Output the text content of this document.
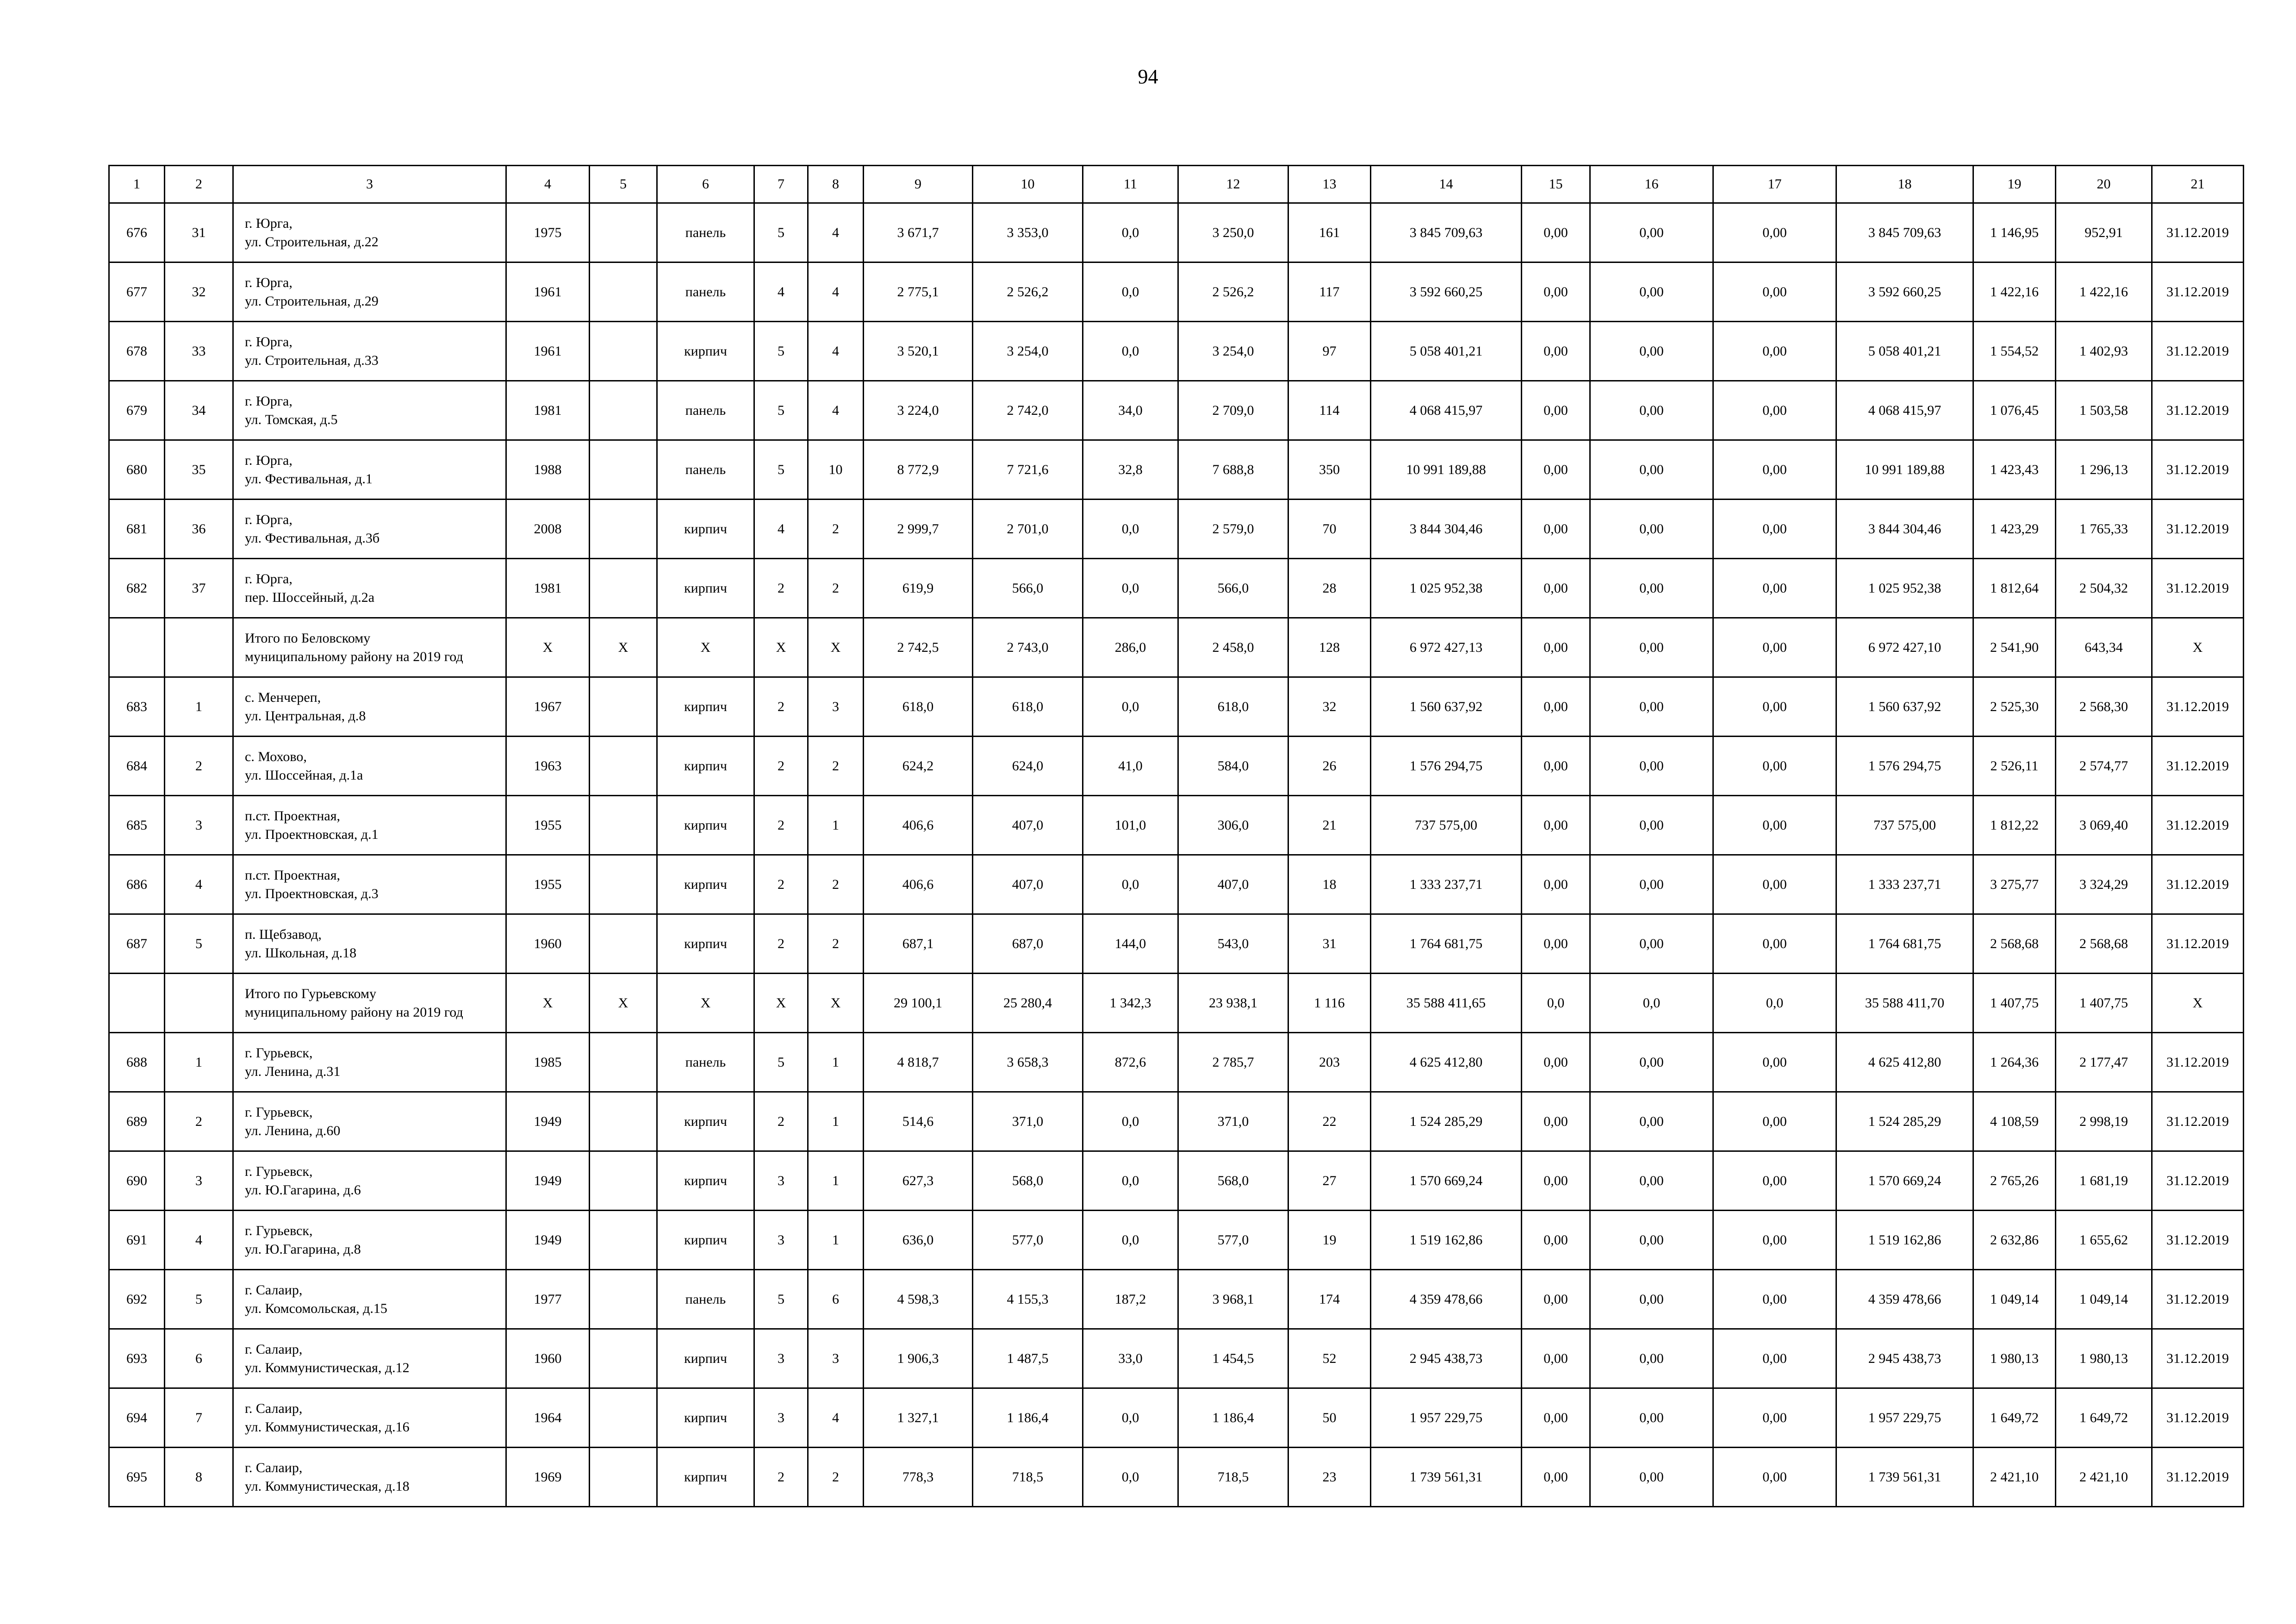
94
1	2	3	4	5	6	7	8	9	10	11	12	13	14	15	16	17	18	19	20	21
676	31	г. Юрга,
ул. Строительная, д.22	1975		панель	5	4	3 671,7	3 353,0	0,0	3 250,0	161	3 845 709,63	0,00	0,00	0,00	3 845 709,63	1 146,95	952,91	31.12.2019
677	32	г. Юрга,
ул. Строительная, д.29	1961		панель	4	4	2 775,1	2 526,2	0,0	2 526,2	117	3 592 660,25	0,00	0,00	0,00	3 592 660,25	1 422,16	1 422,16	31.12.2019
678	33	г. Юрга,
ул. Строительная, д.33	1961		кирпич	5	4	3 520,1	3 254,0	0,0	3 254,0	97	5 058 401,21	0,00	0,00	0,00	5 058 401,21	1 554,52	1 402,93	31.12.2019
679	34	г. Юрга,
ул. Томская, д.5	1981		панель	5	4	3 224,0	2 742,0	34,0	2 709,0	114	4 068 415,97	0,00	0,00	0,00	4 068 415,97	1 076,45	1 503,58	31.12.2019
680	35	г. Юрга,
ул. Фестивальная, д.1	1988		панель	5	10	8 772,9	7 721,6	32,8	7 688,8	350	10 991 189,88	0,00	0,00	0,00	10 991 189,88	1 423,43	1 296,13	31.12.2019
681	36	г. Юрга,
ул. Фестивальная, д.3б	2008		кирпич	4	2	2 999,7	2 701,0	0,0	2 579,0	70	3 844 304,46	0,00	0,00	0,00	3 844 304,46	1 423,29	1 765,33	31.12.2019
682	37	г. Юрга,
пер. Шоссейный, д.2а	1981		кирпич	2	2	619,9	566,0	0,0	566,0	28	1 025 952,38	0,00	0,00	0,00	1 025 952,38	1 812,64	2 504,32	31.12.2019
		Итого по Беловскому
муниципальному району на 2019 год	X	X	X	X	X	2 742,5	2 743,0	286,0	2 458,0	128	6 972 427,13	0,00	0,00	0,00	6 972 427,10	2 541,90	643,34	X
683	1	с. Менчереп,
ул. Центральная, д.8	1967		кирпич	2	3	618,0	618,0	0,0	618,0	32	1 560 637,92	0,00	0,00	0,00	1 560 637,92	2 525,30	2 568,30	31.12.2019
684	2	с. Мохово,
ул. Шоссейная, д.1а	1963		кирпич	2	2	624,2	624,0	41,0	584,0	26	1 576 294,75	0,00	0,00	0,00	1 576 294,75	2 526,11	2 574,77	31.12.2019
685	3	п.ст. Проектная,
ул. Проектновская, д.1	1955		кирпич	2	1	406,6	407,0	101,0	306,0	21	737 575,00	0,00	0,00	0,00	737 575,00	1 812,22	3 069,40	31.12.2019
686	4	п.ст. Проектная,
ул. Проектновская, д.3	1955		кирпич	2	2	406,6	407,0	0,0	407,0	18	1 333 237,71	0,00	0,00	0,00	1 333 237,71	3 275,77	3 324,29	31.12.2019
687	5	п. Щебзавод,
ул. Школьная, д.18	1960		кирпич	2	2	687,1	687,0	144,0	543,0	31	1 764 681,75	0,00	0,00	0,00	1 764 681,75	2 568,68	2 568,68	31.12.2019
		Итого по Гурьевскому
муниципальному району на 2019 год	X	X	X	X	X	29 100,1	25 280,4	1 342,3	23 938,1	1 116	35 588 411,65	0,0	0,0	0,0	35 588 411,70	1 407,75	1 407,75	X
688	1	г. Гурьевск,
ул. Ленина, д.31	1985		панель	5	1	4 818,7	3 658,3	872,6	2 785,7	203	4 625 412,80	0,00	0,00	0,00	4 625 412,80	1 264,36	2 177,47	31.12.2019
689	2	г. Гурьевск,
ул. Ленина, д.60	1949		кирпич	2	1	514,6	371,0	0,0	371,0	22	1 524 285,29	0,00	0,00	0,00	1 524 285,29	4 108,59	2 998,19	31.12.2019
690	3	г. Гурьевск,
ул. Ю.Гагарина, д.6	1949		кирпич	3	1	627,3	568,0	0,0	568,0	27	1 570 669,24	0,00	0,00	0,00	1 570 669,24	2 765,26	1 681,19	31.12.2019
691	4	г. Гурьевск,
ул. Ю.Гагарина, д.8	1949		кирпич	3	1	636,0	577,0	0,0	577,0	19	1 519 162,86	0,00	0,00	0,00	1 519 162,86	2 632,86	1 655,62	31.12.2019
692	5	г. Салаир,
ул. Комсомольская, д.15	1977		панель	5	6	4 598,3	4 155,3	187,2	3 968,1	174	4 359 478,66	0,00	0,00	0,00	4 359 478,66	1 049,14	1 049,14	31.12.2019
693	6	г. Салаир,
ул. Коммунистическая, д.12	1960		кирпич	3	3	1 906,3	1 487,5	33,0	1 454,5	52	2 945 438,73	0,00	0,00	0,00	2 945 438,73	1 980,13	1 980,13	31.12.2019
694	7	г. Салаир,
ул. Коммунистическая, д.16	1964		кирпич	3	4	1 327,1	1 186,4	0,0	1 186,4	50	1 957 229,75	0,00	0,00	0,00	1 957 229,75	1 649,72	1 649,72	31.12.2019
695	8	г. Салаир,
ул. Коммунистическая, д.18	1969		кирпич	2	2	778,3	718,5	0,0	718,5	23	1 739 561,31	0,00	0,00	0,00	1 739 561,31	2 421,10	2 421,10	31.12.2019
